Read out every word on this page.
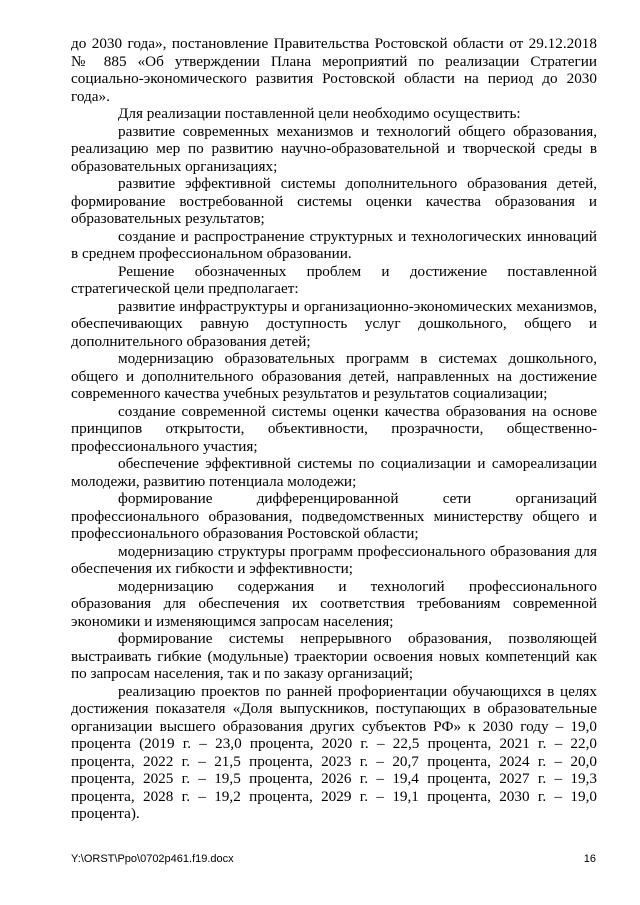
до 2030 года», постановление Правительства Ростовской области от 29.12.2018 № 885 «Об утверждении Плана мероприятий по реализации Стратегии социально-экономического развития Ростовской области на период до 2030 года».

Для реализации поставленной цели необходимо осуществить:

развитие современных механизмов и технологий общего образования, реализацию мер по развитию научно-образовательной и творческой среды в образовательных организациях;

развитие эффективной системы дополнительного образования детей, формирование востребованной системы оценки качества образования и образовательных результатов;

создание и распространение структурных и технологических инноваций в среднем профессиональном образовании.

Решение обозначенных проблем и достижение поставленной стратегической цели предполагает:

развитие инфраструктуры и организационно-экономических механизмов, обеспечивающих равную доступность услуг дошкольного, общего и дополнительного образования детей;

модернизацию образовательных программ в системах дошкольного, общего и дополнительного образования детей, направленных на достижение современного качества учебных результатов и результатов социализации;

создание современной системы оценки качества образования на основе принципов открытости, объективности, прозрачности, общественно-профессионального участия;

обеспечение эффективной системы по социализации и самореализации молодежи, развитию потенциала молодежи;

формирование дифференцированной сети организаций профессионального образования, подведомственных министерству общего и профессионального образования Ростовской области;

модернизацию структуры программ профессионального образования для обеспечения их гибкости и эффективности;

модернизацию содержания и технологий профессионального образования для обеспечения их соответствия требованиям современной экономики и изменяющимся запросам населения;

формирование системы непрерывного образования, позволяющей выстраивать гибкие (модульные) траектории освоения новых компетенций как по запросам населения, так и по заказу организаций;

реализацию проектов по ранней профориентации обучающихся в целях достижения показателя «Доля выпускников, поступающих в образовательные организации высшего образования других субъектов РФ» к 2030 году – 19,0 процента (2019 г. – 23,0 процента, 2020 г. – 22,5 процента, 2021 г. – 22,0 процента, 2022 г. – 21,5 процента, 2023 г. – 20,7 процента, 2024 г. – 20,0 процента, 2025 г. – 19,5 процента, 2026 г. – 19,4 процента, 2027 г. – 19,3 процента, 2028 г. – 19,2 процента, 2029 г. – 19,1 процента, 2030 г. – 19,0 процента).

Y:\ORST\Ppo\0702p461.f19.docx	16
